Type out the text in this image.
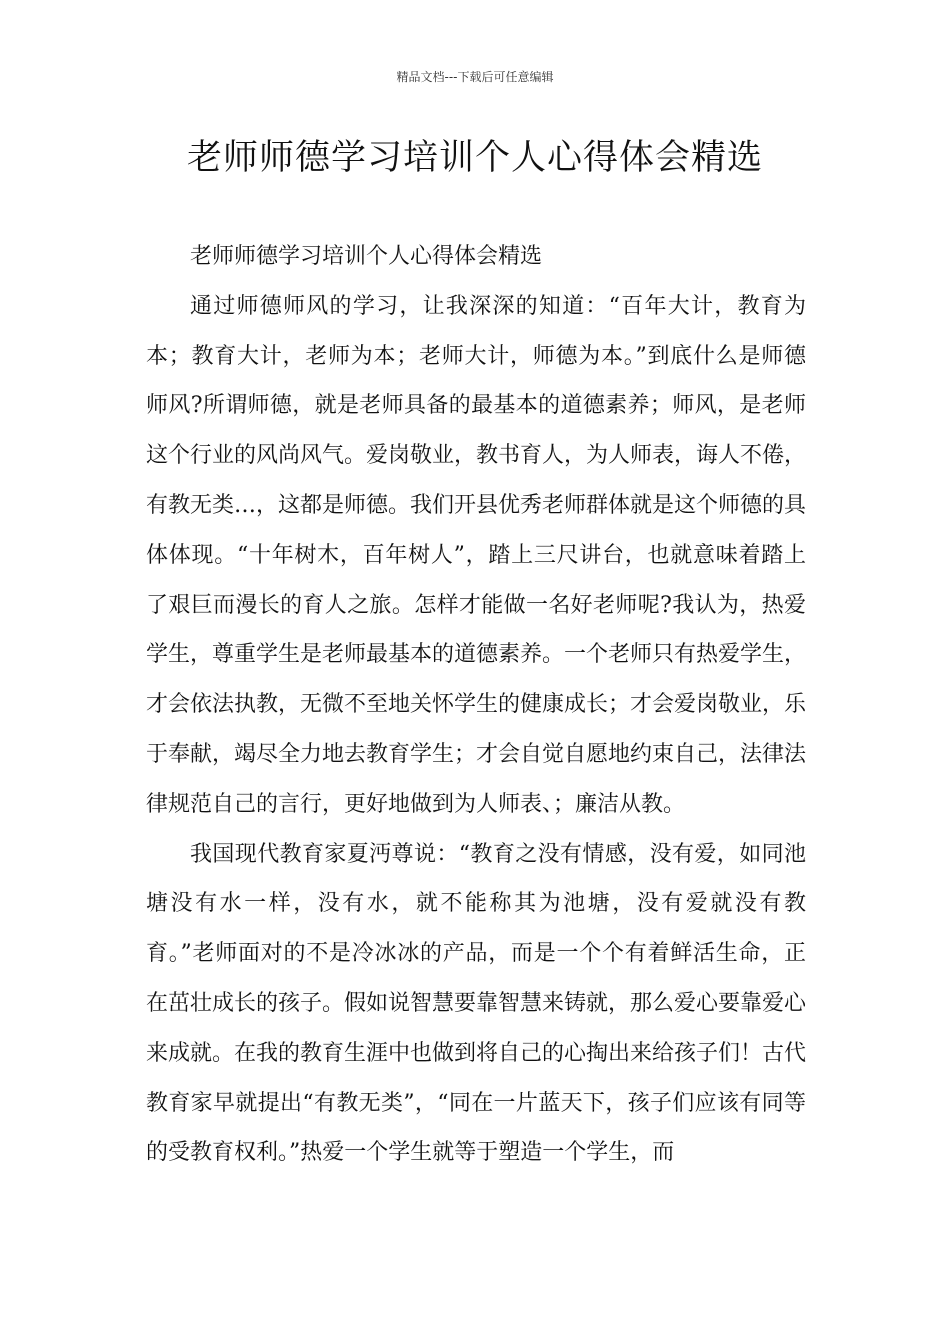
精品文档---下载后可任意编辑
老师师德学习培训个人心得体会精选

老师师德学习培训个人心得体会精选

通过师德师风的学习，让我深深的知道：“百年大计，教育为本；教育大计，老师为本；老师大计，师德为本。”到底什么是师德师风?所谓师德，就是老师具备的最基本的道德素养；师风，是老师这个行业的风尚风气。爱岗敬业，教书育人，为人师表，诲人不倦，有教无类…，这都是师德。我们开县优秀老师群体就是这个师德的具体体现。“十年树木，百年树人”，踏上三尺讲台，也就意味着踏上了艰巨而漫长的育人之旅。怎样才能做一名好老师呢?我认为，热爱学生，尊重学生是老师最基本的道德素养。一个老师只有热爱学生，才会依法执教，无微不至地关怀学生的健康成长；才会爱岗敬业，乐于奉献，竭尽全力地去教育学生；才会自觉自愿地约束自己，法律法律规范自己的言行，更好地做到为人师表、；廉洁从教。

我国现代教育家夏沔尊说：“教育之没有情感，没有爱，如同池塘没有水一样，没有水，就不能称其为池塘，没有爱就没有教育。”老师面对的不是冷冰冰的产品，而是一个个有着鲜活生命，正在茁壮成长的孩子。假如说智慧要靠智慧来铸就，那么爱心要靠爱心来成就。在我的教育生涯中也做到将自己的心掏出来给孩子们！古代教育家早就提出“有教无类”，“同在一片蓝天下，孩子们应该有同等的受教育权利。”热爱一个学生就等于塑造一个学生，而
